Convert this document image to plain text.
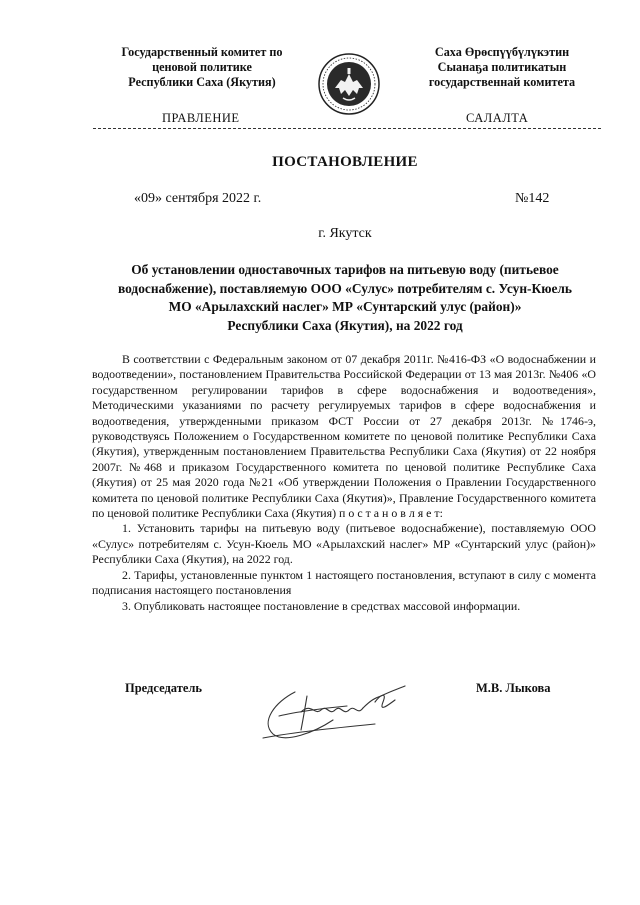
Государственный комитет по
ценовой политике
Республики Саха (Якутия)
Саха Өрөспүүбүлүкэтин
Сыанаҕа политикатын
государственнай комитета
ПРАВЛЕНИЕ	САЛАЛТА
ПОСТАНОВЛЕНИЕ
«09» сентября 2022 г.	№142
г. Якутск
Об установлении одноставочных тарифов на питьевую воду (питьевое
водоснабжение), поставляемую ООО «Сулус» потребителям с. Усун-Кюель
МО «Арылахский наслег» МР «Сунтарский улус (район)»
Республики Саха (Якутия), на 2022 год

В соответствии с Федеральным законом от 07 декабря 2011г. №416-ФЗ «О водоснабжении и водоотведении», постановлением Правительства Российской Федерации от 13 мая 2013г. №406 «О государственном регулировании тарифов в сфере водоснабжения и водоотведения», Методическими указаниями по расчету регулируемых тарифов в сфере водоснабжения и водоотведения, утвержденными приказом ФСТ России от 27 декабря 2013г. №1746-э, руководствуясь Положением о Государственном комитете по ценовой политике Республики Саха (Якутия), утвержденным постановлением Правительства Республики Саха (Якутия) от 22 ноября 2007г. №468 и приказом Государственного комитета по ценовой политике Республике Саха (Якутия) от 25 мая 2020 года №21 «Об утверждении Положения о Правлении Государственного комитета по ценовой политике Республики Саха (Якутия)», Правление Государственного комитета по ценовой политике Республики Саха (Якутия) п о с т а н о в л я е т:

1. Установить тарифы на питьевую воду (питьевое водоснабжение), поставляемую ООО «Сулус» потребителям с. Усун-Кюель МО «Арылахский наслег» МР «Сунтарский улус (район)» Республики Саха (Якутия), на 2022 год.

2. Тарифы, установленные пунктом 1 настоящего постановления, вступают в силу с момента подписания настоящего постановления

3. Опубликовать настоящее постановление в средствах массовой информации.

Председатель	М.В. Лыкова
